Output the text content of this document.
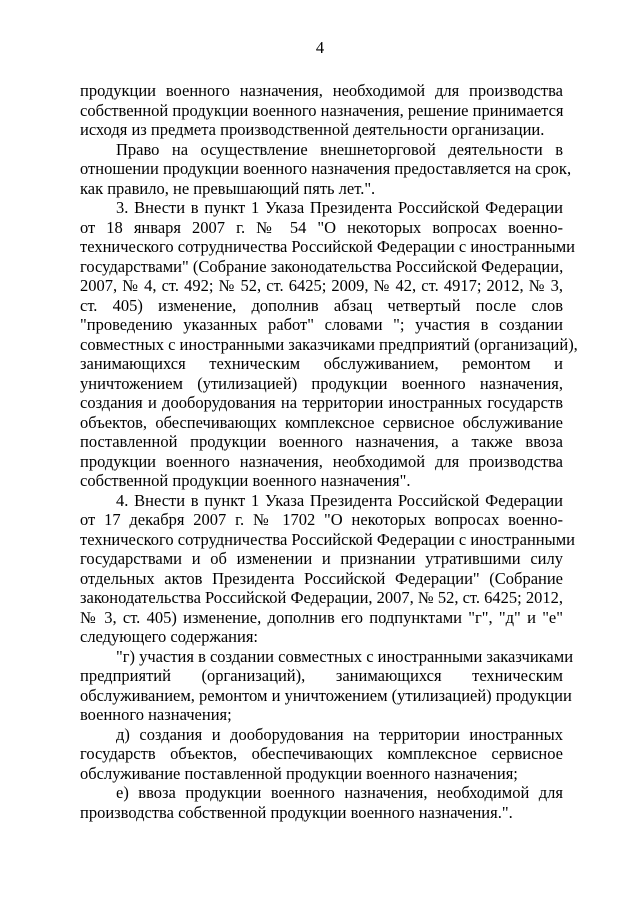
4
продукции военного назначения, необходимой для производства
собственной продукции военного назначения, решение принимается
исходя из предмета производственной деятельности организации.
Право на осуществление внешнеторговой деятельности в
отношении продукции военного назначения предоставляется на срок,
как правило, не превышающий пять лет.".
3. Внести в пункт 1 Указа Президента Российской Федерации
от 18 января 2007 г. № 54 "О некоторых вопросах военно-
технического сотрудничества Российской Федерации с иностранными
государствами" (Собрание законодательства Российской Федерации,
2007, № 4, ст. 492; № 52, ст. 6425; 2009, № 42, ст. 4917; 2012, № 3,
ст. 405) изменение, дополнив абзац четвертый после слов
"проведению указанных работ" словами "; участия в создании
совместных с иностранными заказчиками предприятий (организаций),
занимающихся техническим обслуживанием, ремонтом и
уничтожением (утилизацией) продукции военного назначения,
создания и дооборудования на территории иностранных государств
объектов, обеспечивающих комплексное сервисное обслуживание
поставленной продукции военного назначения, а также ввоза
продукции военного назначения, необходимой для производства
собственной продукции военного назначения".
4. Внести в пункт 1 Указа Президента Российской Федерации
от 17 декабря 2007 г. № 1702 "О некоторых вопросах военно-
технического сотрудничества Российской Федерации с иностранными
государствами и об изменении и признании утратившими силу
отдельных актов Президента Российской Федерации" (Собрание
законодательства Российской Федерации, 2007, № 52, ст. 6425; 2012,
№ 3, ст. 405) изменение, дополнив его подпунктами "г", "д" и "е"
следующего содержания:
"г) участия в создании совместных с иностранными заказчиками
предприятий (организаций), занимающихся техническим
обслуживанием, ремонтом и уничтожением (утилизацией) продукции
военного назначения;
д) создания и дооборудования на территории иностранных
государств объектов, обеспечивающих комплексное сервисное
обслуживание поставленной продукции военного назначения;
е) ввоза продукции военного назначения, необходимой для
производства собственной продукции военного назначения.".
